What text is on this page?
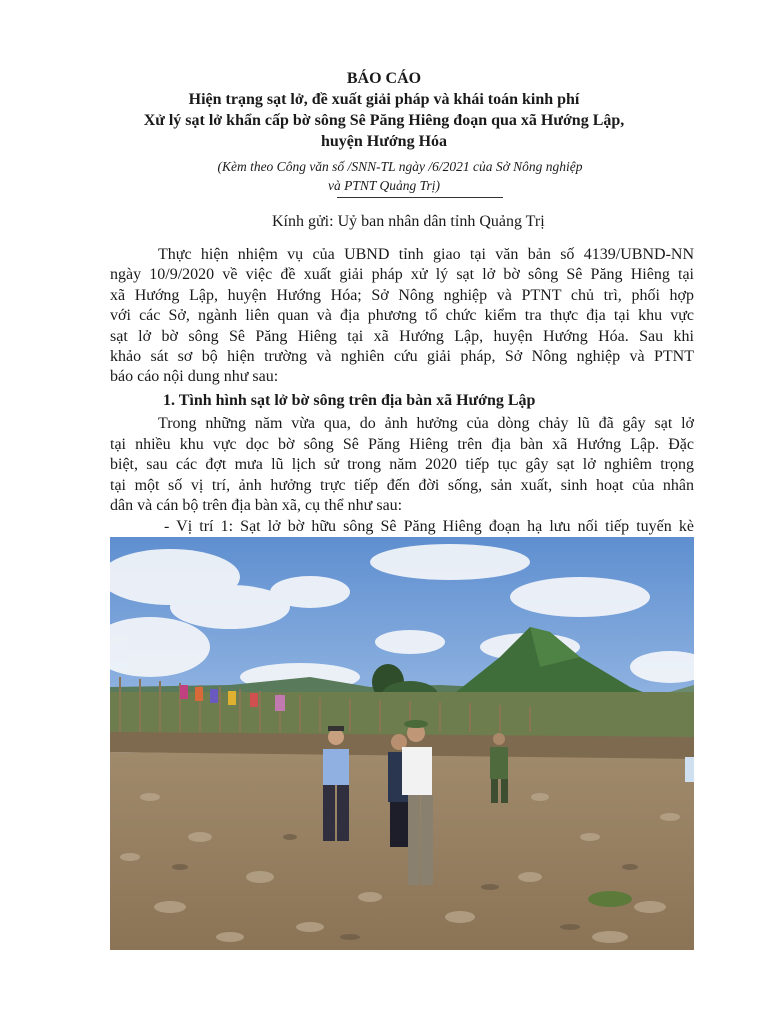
BÁO CÁO
Hiện trạng sạt lở, đề xuất giải pháp và khái toán kinh phí
Xử lý sạt lở khẩn cấp bờ sông Sê Păng Hiêng đoạn qua xã Hướng Lập,
huyện Hướng Hóa
(Kèm theo Công văn số /SNN-TL ngày /6/2021 của Sở Nông nghiệp
và PTNT Quảng Trị)
Kính gửi: Uỷ ban nhân dân tỉnh Quảng Trị
Thực hiện nhiệm vụ của UBND tỉnh giao tại văn bản số 4139/UBND-NN
ngày 10/9/2020 về việc đề xuất giải pháp xử lý sạt lở bờ sông Sê Păng Hiêng tại
xã Hướng Lập, huyện Hướng Hóa; Sở Nông nghiệp và PTNT chủ trì, phối hợp
với các Sở, ngành liên quan và địa phương tổ chức kiểm tra thực địa tại khu vực
sạt lở bờ sông Sê Păng Hiêng tại xã Hướng Lập, huyện Hướng Hóa. Sau khi
khảo sát sơ bộ hiện trường và nghiên cứu giải pháp, Sở Nông nghiệp và PTNT
báo cáo nội dung như sau:
1. Tình hình sạt lở bờ sông trên địa bàn xã Hướng Lập
Trong những năm vừa qua, do ảnh hưởng của dòng chảy lũ đã gây sạt lở
tại nhiều khu vực dọc bờ sông Sê Păng Hiêng trên địa bàn xã Hướng Lập. Đặc
biệt, sau các đợt mưa lũ lịch sử trong năm 2020 tiếp tục gây sạt lở nghiêm trọng
tại một số vị trí, ảnh hưởng trực tiếp đến đời sống, sản xuất, sinh hoạt của nhân
dân và cán bộ trên địa bàn xã, cụ thể như sau:
- Vị trí 1: Sạt lở bờ hữu sông Sê Păng Hiêng đoạn hạ lưu nối tiếp tuyến kè
